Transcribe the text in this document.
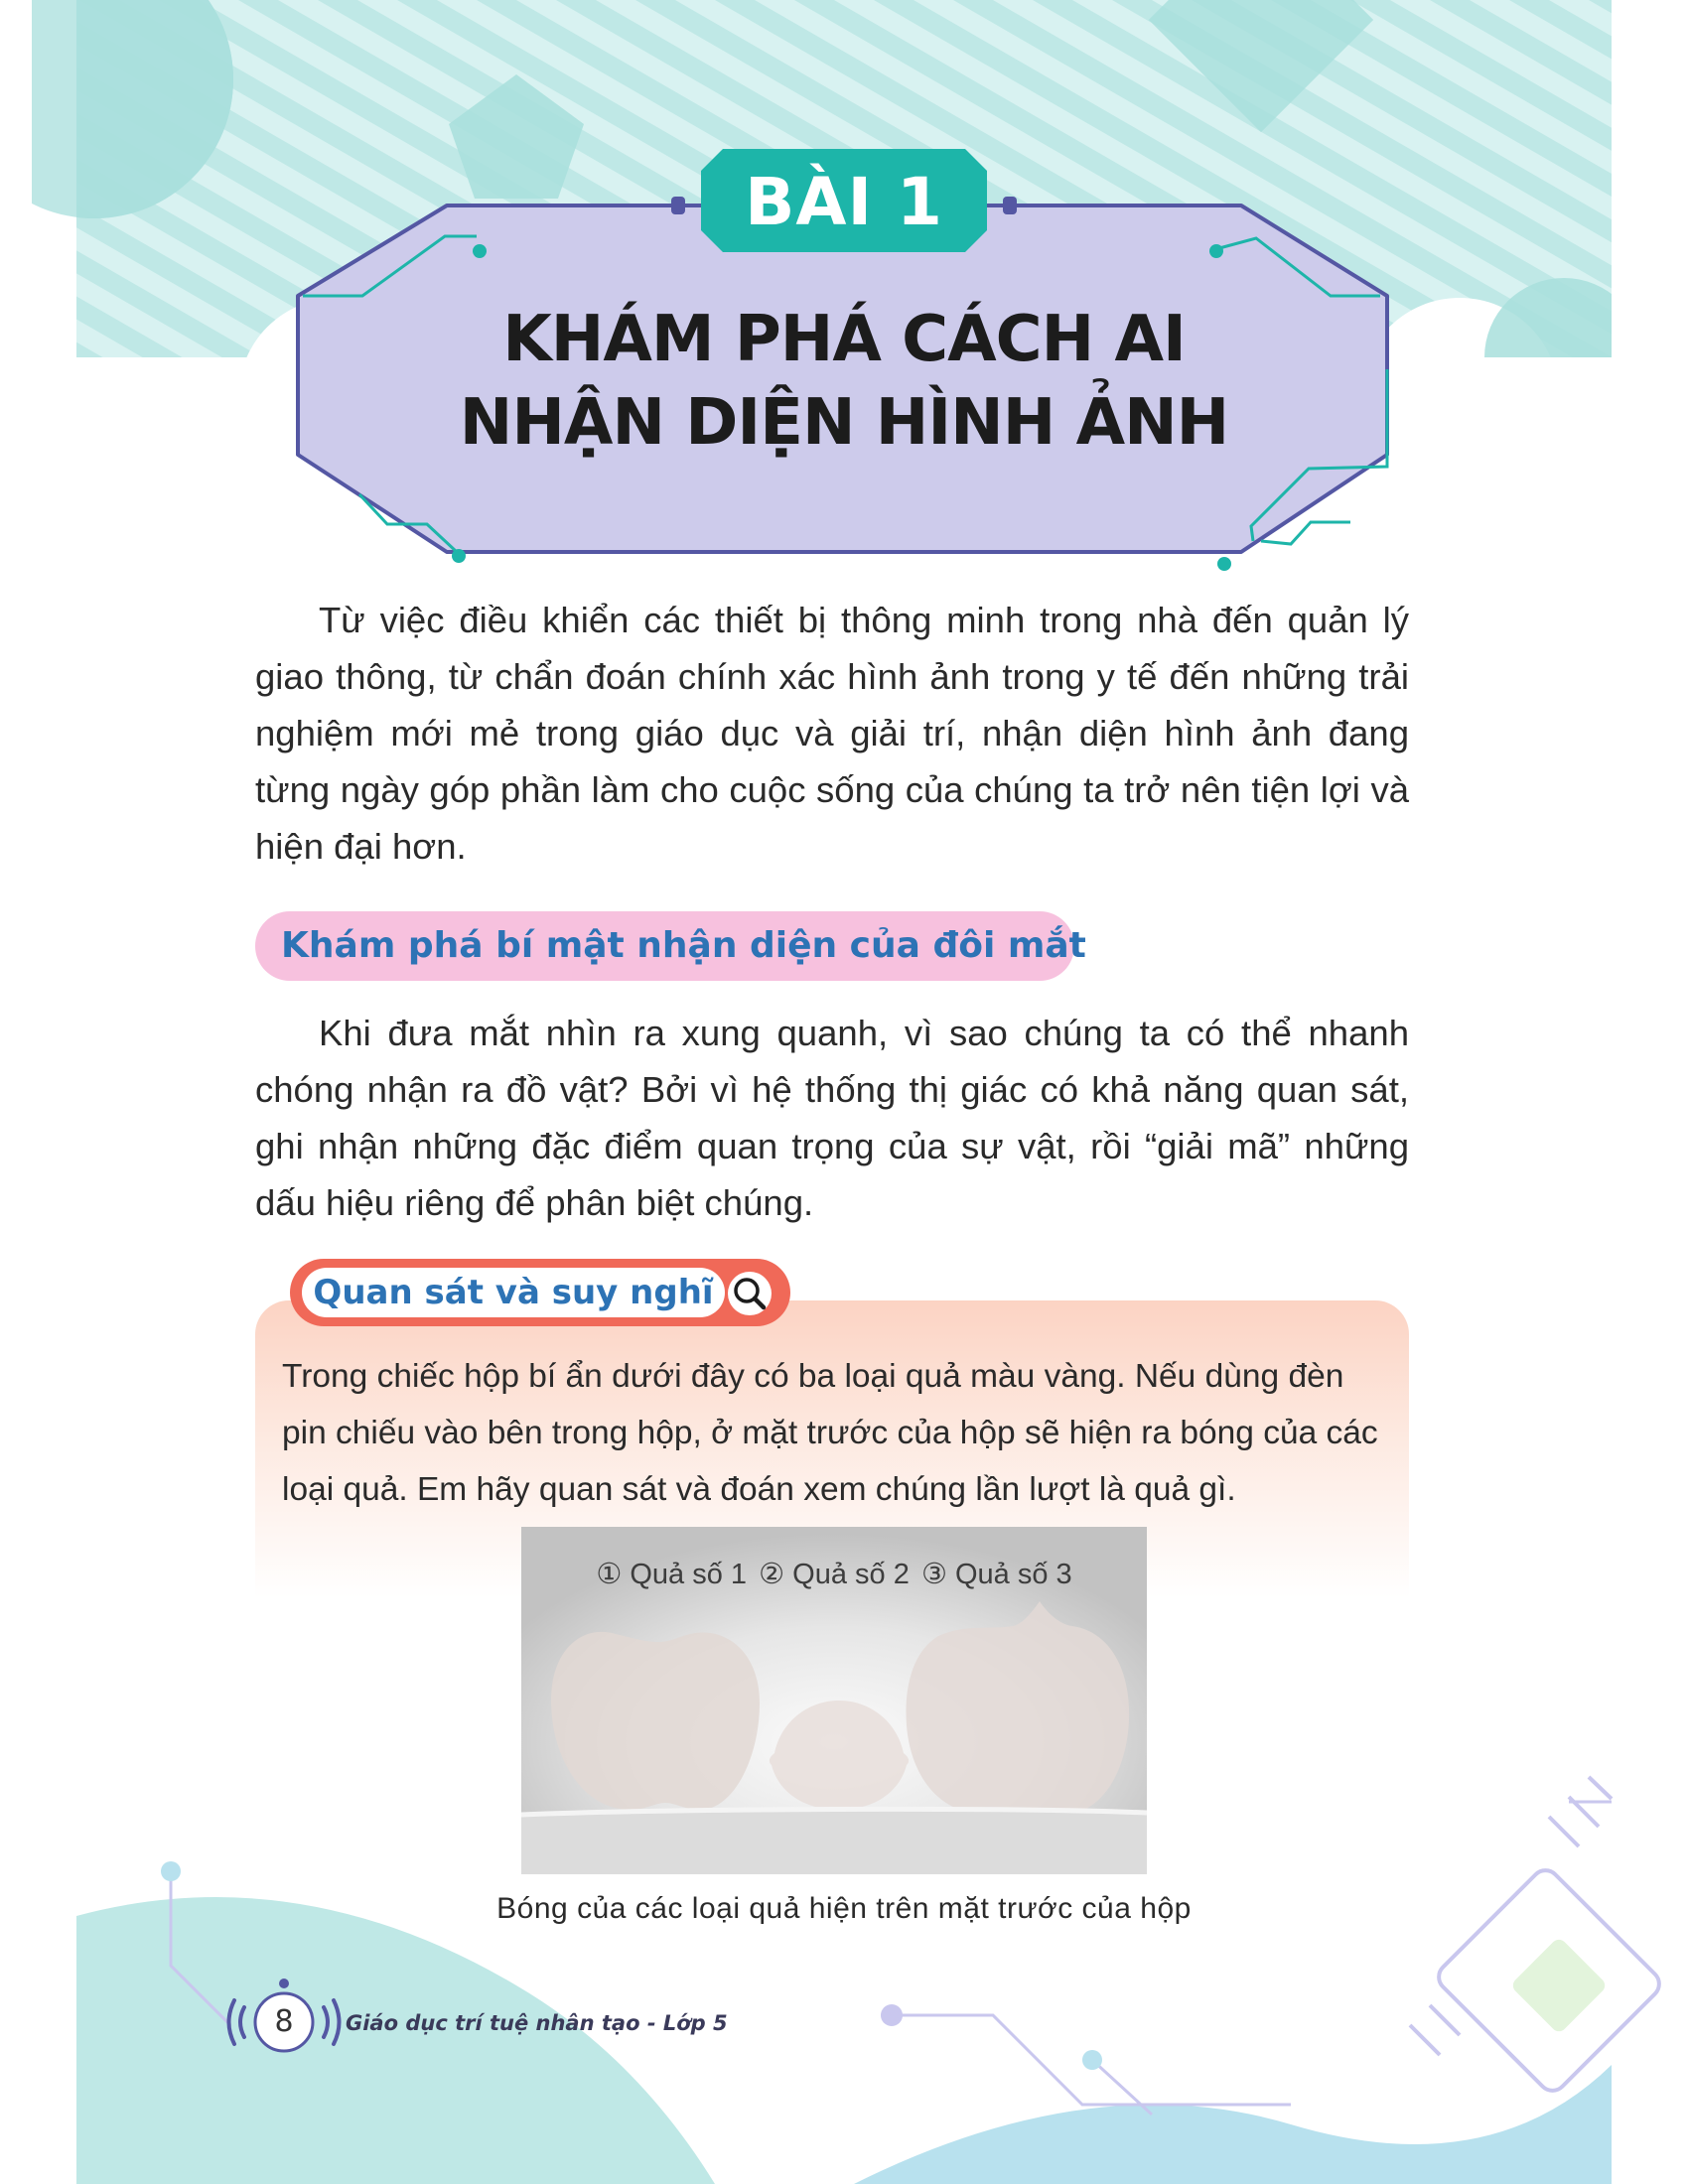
BÀI 1
KHÁM PHÁ CÁCH AI
NHẬN DIỆN HÌNH ẢNH

Từ việc điều khiển các thiết bị thông minh trong nhà đến quản lý giao thông, từ chẩn đoán chính xác hình ảnh trong y tế đến những trải nghiệm mới mẻ trong giáo dục và giải trí, nhận diện hình ảnh đang từng ngày góp phần làm cho cuộc sống của chúng ta trở nên tiện lợi và hiện đại hơn.

Khám phá bí mật nhận diện của đôi mắt

Khi đưa mắt nhìn ra xung quanh, vì sao chúng ta có thể nhanh chóng nhận ra đồ vật? Bởi vì hệ thống thị giác có khả năng quan sát, ghi nhận những đặc điểm quan trọng của sự vật, rồi “giải mã” những dấu hiệu riêng để phân biệt chúng.

Quan sát và suy nghĩ

Trong chiếc hộp bí ẩn dưới đây có ba loại quả màu vàng. Nếu dùng đèn pin chiếu vào bên trong hộp, ở mặt trước của hộp sẽ hiện ra bóng của các loại quả. Em hãy quan sát và đoán xem chúng lần lượt là quả gì.

① Quả số 1 ② Quả số 2 ③ Quả số 3
Bóng của các loại quả hiện trên mặt trước của hộp
8	Giáo dục trí tuệ nhân tạo - Lớp 5
